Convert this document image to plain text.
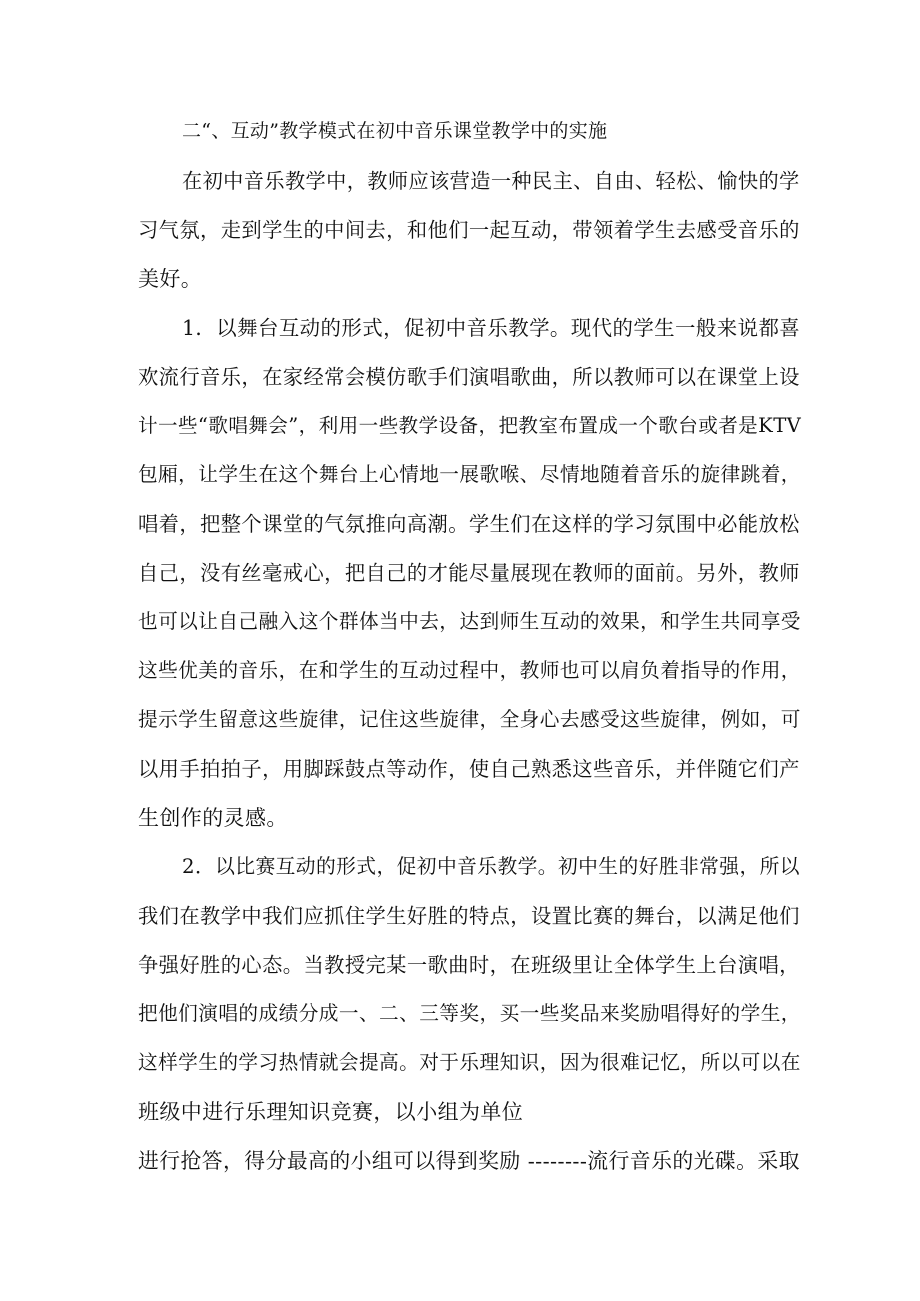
二“、互动”教学模式在初中音乐课堂教学中的实施
在初中音乐教学中，教师应该营造一种民主、自由、轻松、愉快的学
习气氛，走到学生的中间去，和他们一起互动，带领着学生去感受音乐的
美好。
1．以舞台互动的形式，促初中音乐教学。现代的学生一般来说都喜
欢流行音乐，在家经常会模仿歌手们演唱歌曲，所以教师可以在课堂上设
计一些“歌唱舞会”，利用一些教学设备，把教室布置成一个歌台或者是KTV
包厢，让学生在这个舞台上心情地一展歌喉、尽情地随着音乐的旋律跳着，
唱着，把整个课堂的气氛推向高潮。学生们在这样的学习氛围中必能放松
自己，没有丝毫戒心，把自己的才能尽量展现在教师的面前。另外，教师
也可以让自己融入这个群体当中去，达到师生互动的效果，和学生共同享受
这些优美的音乐，在和学生的互动过程中，教师也可以肩负着指导的作用，
提示学生留意这些旋律，记住这些旋律，全身心去感受这些旋律，例如，可
以用手拍拍子，用脚踩鼓点等动作，使自己熟悉这些音乐，并伴随它们产
生创作的灵感。
2．以比赛互动的形式，促初中音乐教学。初中生的好胜非常强，所以
我们在教学中我们应抓住学生好胜的特点，设置比赛的舞台，以满足他们
争强好胜的心态。当教授完某一歌曲时，在班级里让全体学生上台演唱，
把他们演唱的成绩分成一、二、三等奖，买一些奖品来奖励唱得好的学生，
这样学生的学习热情就会提高。对于乐理知识，因为很难记忆，所以可以在
班级中进行乐理知识竞赛，以小组为单位
进行抢答，得分最高的小组可以得到奖励 --------流行音乐的光碟。采取
